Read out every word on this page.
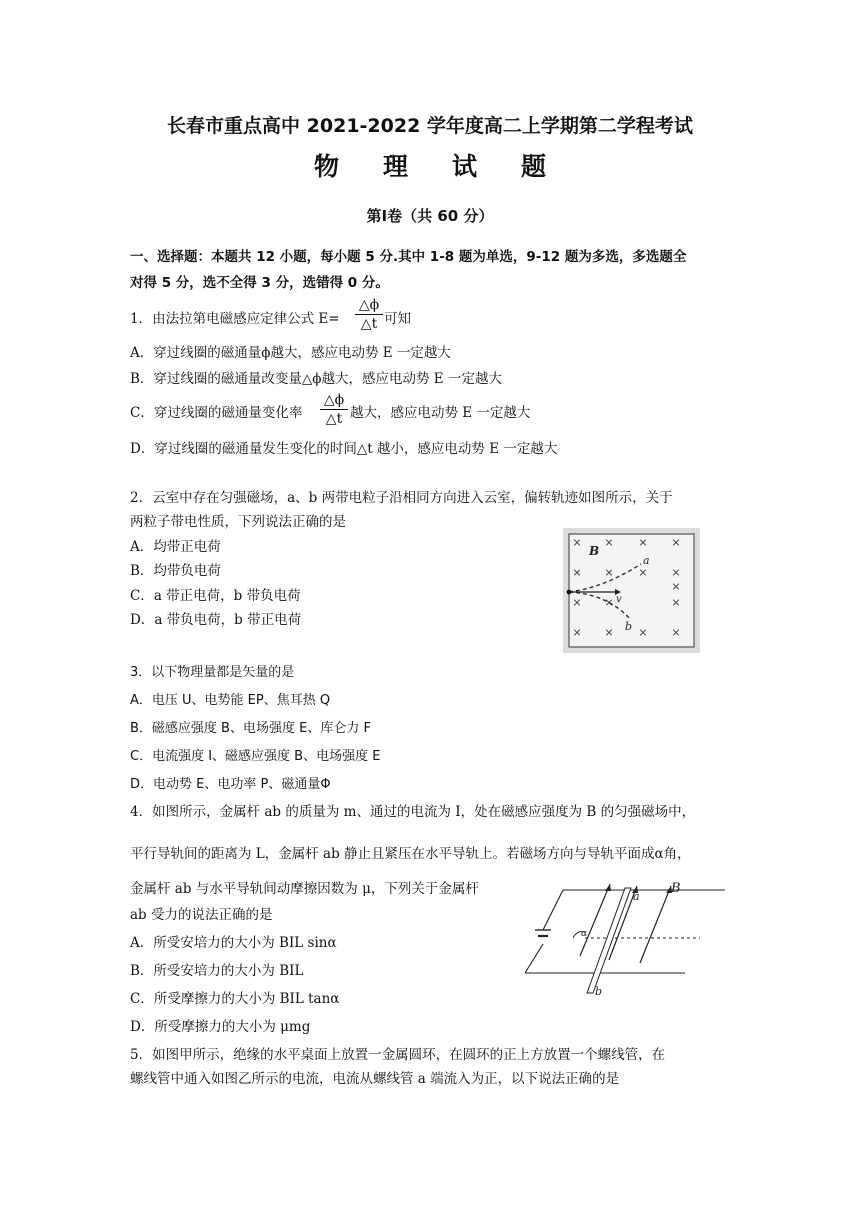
长春市重点高中 2021-2022 学年度高二上学期第二学程考试
物理试题
第Ⅰ卷（共 60 分）
一、选择题：本题共 12 小题，每小题 5 分.其中 1-8 题为单选，9-12 题为多选，多选题全
对得 5 分，选不全得 3 分，选错得 0 分。
1．由法拉第电磁感应定律公式 E=
△ϕ
△t 可知
A．穿过线圈的磁通量ϕ越大，感应电动势 E 一定越大
B．穿过线圈的磁通量改变量△ϕ越大，感应电动势 E 一定越大
C．穿过线圈的磁通量变化率
△ϕ
△t 越大，感应电动势 E 一定越大
D．穿过线圈的磁通量发生变化的时间△t 越小，感应电动势 E 一定越大
2．云室中存在匀强磁场，a、b 两带电粒子沿相同方向进入云室，偏转轨迹如图所示，关于
两粒子带电性质，下列说法正确的是
A．均带正电荷
B．均带负电荷
C．a 带正电荷，b 带负电荷
D．a 带负电荷，b 带正电荷
× × × ×
×	× ×
× ×	×
× × × ×
×
×
B
a
b
v
3．以下物理量都是矢量的是
A．电压 U、电势能 EP、焦耳热 Q
B．磁感应强度 B、电场强度 E、库仑力 F
C．电流强度 I、磁感应强度 B、电场强度 E
D．电动势 E、电功率 P、磁通量Φ
4．如图所示，金属杆 ab 的质量为 m、通过的电流为 I，处在磁感应强度为 B 的匀强磁场中，
平行导轨间的距离为 L，金属杆 ab 静止且紧压在水平导轨上。若磁场方向与导轨平面成α角，
金属杆 ab 与水平导轨间动摩擦因数为 μ，下列关于金属杆
ab 受力的说法正确的是
A．所受安培力的大小为 BIL sinα
B．所受安培力的大小为 BIL
C．所受摩擦力的大小为 BIL tanα
D．所受摩擦力的大小为 μmg
α
a
b
B
5．如图甲所示，绝缘的水平桌面上放置一金属圆环，在圆环的正上方放置一个螺线管，在
螺线管中通入如图乙所示的电流，电流从螺线管 a 端流入为正，以下说法正确的是
